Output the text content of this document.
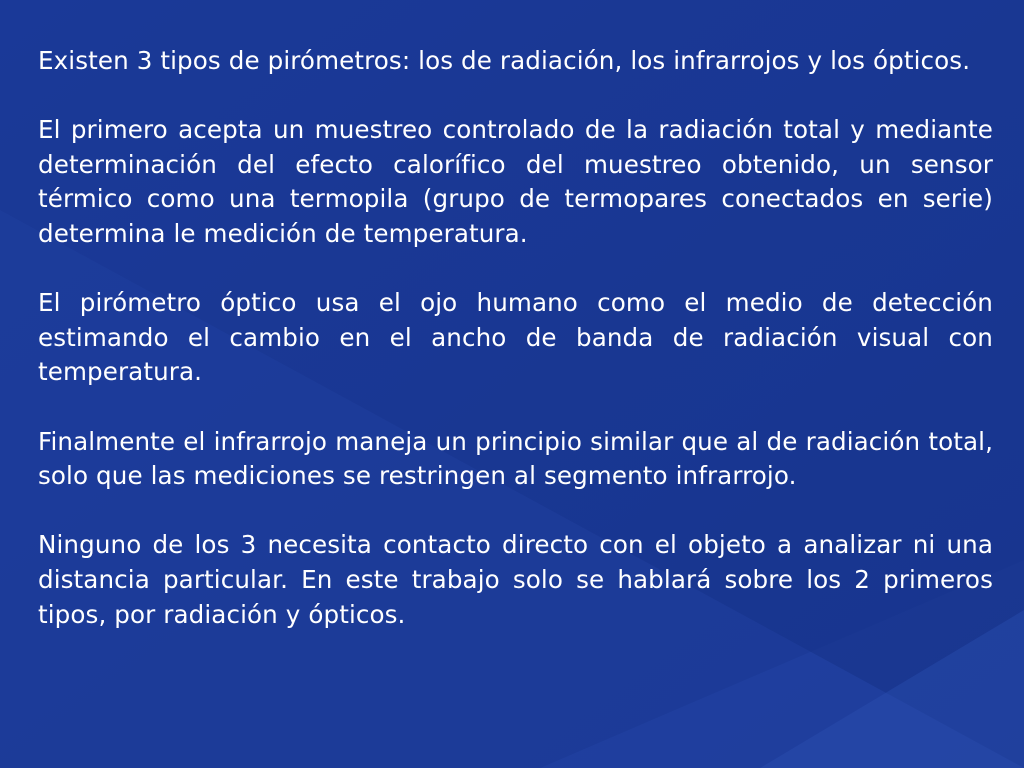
Existen 3 tipos de pirómetros: los de radiación, los infrarrojos y los ópticos.

El primero acepta un muestreo controlado de la radiación total y mediante determinación del efecto calorífico del muestreo obtenido, un sensor térmico como una termopila (grupo de termopares conectados en serie) determina le medición de temperatura.

El pirómetro óptico usa el ojo humano como el medio de detección estimando el cambio en el ancho de banda de radiación visual con temperatura.

Finalmente el infrarrojo maneja un principio similar que al de radiación total, solo que las mediciones se restringen al segmento infrarrojo.

Ninguno de los 3 necesita contacto directo con el objeto a analizar ni una distancia particular. En este trabajo solo se hablará sobre los 2 primeros tipos, por radiación y ópticos.
